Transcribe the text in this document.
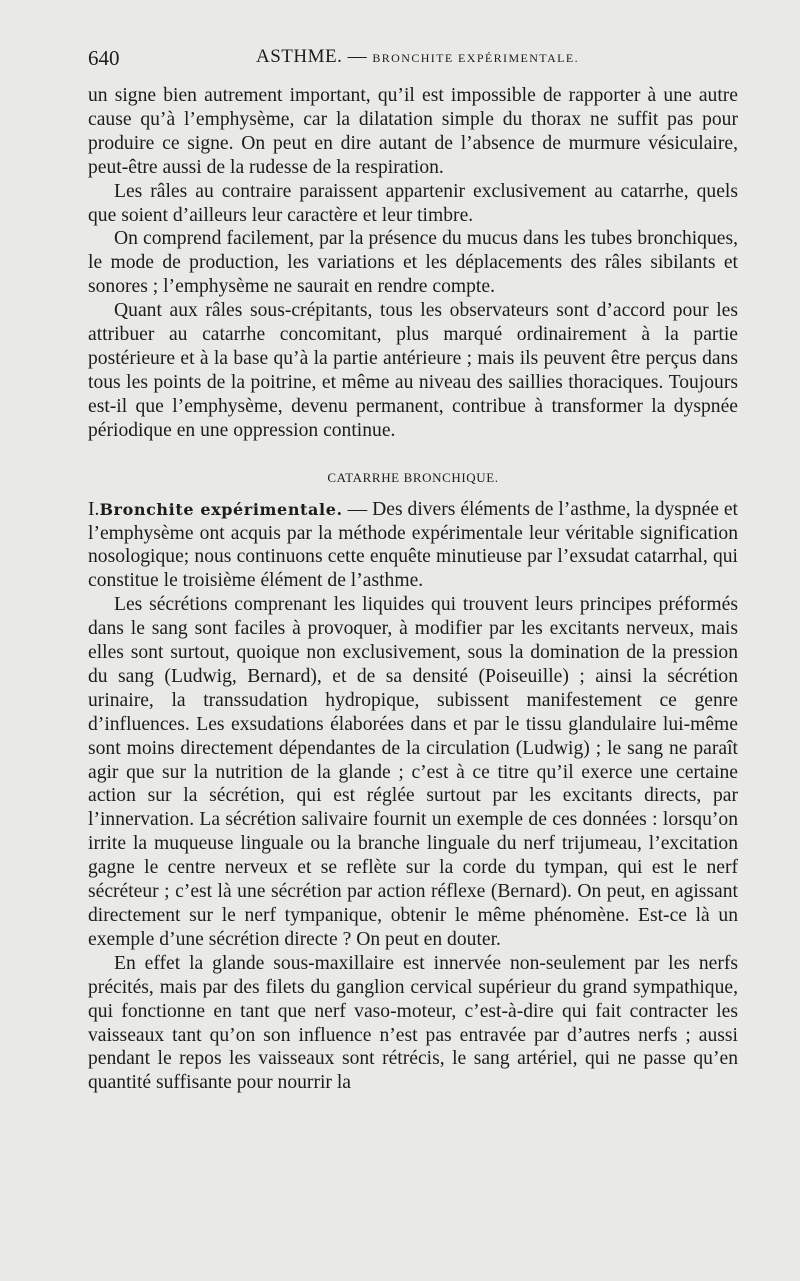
640	ASTHME. — BRONCHITE EXPÉRIMENTALE.

un signe bien autrement important, qu’il est impossible de rapporter à une autre cause qu’à l’emphysème, car la dilatation simple du thorax ne suffit pas pour produire ce signe. On peut en dire autant de l’absence de murmure vésiculaire, peut-être aussi de la rudesse de la respiration.

Les râles au contraire paraissent appartenir exclusivement au catarrhe, quels que soient d’ailleurs leur caractère et leur timbre.

On comprend facilement, par la présence du mucus dans les tubes bronchiques, le mode de production, les variations et les déplacements des râles sibilants et sonores ; l’emphysème ne saurait en rendre compte.

Quant aux râles sous-crépitants, tous les observateurs sont d’accord pour les attribuer au catarrhe concomitant, plus marqué ordinairement à la partie postérieure et à la base qu’à la partie antérieure ; mais ils peuvent être perçus dans tous les points de la poitrine, et même au niveau des saillies thoraciques. Toujours est-il que l’emphysème, devenu permanent, contribue à transformer la dyspnée périodique en une oppression continue.

CATARRHE BRONCHIQUE.

I.Bronchite expérimentale. — Des divers éléments de l’asthme, la dyspnée et l’emphysème ont acquis par la méthode expérimentale leur véritable signification nosologique; nous continuons cette enquête minutieuse par l’exsudat catarrhal, qui constitue le troisième élément de l’asthme.

Les sécrétions comprenant les liquides qui trouvent leurs principes préformés dans le sang sont faciles à provoquer, à modifier par les excitants nerveux, mais elles sont surtout, quoique non exclusivement, sous la domination de la pression du sang (Ludwig, Bernard), et de sa densité (Poiseuille) ; ainsi la sécrétion urinaire, la transsudation hydropique, subissent manifestement ce genre d’influences. Les exsudations élaborées dans et par le tissu glandulaire lui-même sont moins directement dépendantes de la circulation (Ludwig) ; le sang ne paraît agir que sur la nutrition de la glande ; c’est à ce titre qu’il exerce une certaine action sur la sécrétion, qui est réglée surtout par les excitants directs, par l’innervation. La sécrétion salivaire fournit un exemple de ces données : lorsqu’on irrite la muqueuse linguale ou la branche linguale du nerf trijumeau, l’excitation gagne le centre nerveux et se reflète sur la corde du tympan, qui est le nerf sécréteur ; c’est là une sécrétion par action réflexe (Bernard). On peut, en agissant directement sur le nerf tympanique, obtenir le même phénomène. Est-ce là un exemple d’une sécrétion directe ? On peut en douter.

En effet la glande sous-maxillaire est innervée non-seulement par les nerfs précités, mais par des filets du ganglion cervical supérieur du grand sympathique, qui fonctionne en tant que nerf vaso-moteur, c’est-à-dire qui fait contracter les vaisseaux tant qu’on son influence n’est pas entravée par d’autres nerfs ; aussi pendant le repos les vaisseaux sont rétrécis, le sang artériel, qui ne passe qu’en quantité suffisante pour nourrir la
